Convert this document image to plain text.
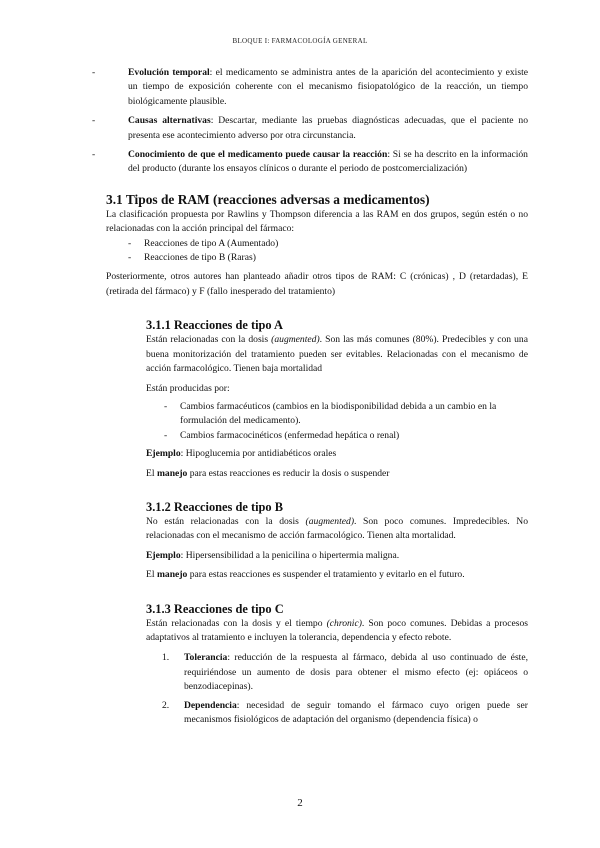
BLOQUE I: FARMACOLOGÍA GENERAL
-	Evolución temporal: el medicamento se administra antes de la aparición del acontecimiento y existe un tiempo de exposición coherente con el mecanismo fisiopatológico de la reacción, un tiempo biológicamente plausible.
-	Causas alternativas: Descartar, mediante las pruebas diagnósticas adecuadas, que el paciente no presenta ese acontecimiento adverso por otra circunstancia.
-	Conocimiento de que el medicamento puede causar la reacción: Si se ha descrito en la información del producto (durante los ensayos clínicos o durante el periodo de postcomercialización)
3.1 Tipos de RAM (reacciones adversas a medicamentos)

La clasificación propuesta por Rawlins y Thompson diferencia a las RAM en dos grupos, según estén o no relacionadas con la acción principal del fármaco:

- Reacciones de tipo A (Aumentado)
- Reacciones de tipo B (Raras)

Posteriormente, otros autores han planteado añadir otros tipos de RAM: C (crónicas) , D (retardadas), E (retirada del fármaco) y F (fallo inesperado del tratamiento)

3.1.1 Reacciones de tipo A

Están relacionadas con la dosis (augmented). Son las más comunes (80%). Predecibles y con una buena monitorización del tratamiento pueden ser evitables. Relacionadas con el mecanismo de acción farmacológico. Tienen baja mortalidad

Están producidas por:

- Cambios farmacéuticos (cambios en la biodisponibilidad debida a un cambio en la formulación del medicamento).
- Cambios farmacocinéticos (enfermedad hepática o renal)

Ejemplo: Hipoglucemia por antidiabéticos orales

El manejo para estas reacciones es reducir la dosis o suspender

3.1.2 Reacciones de tipo B

No están relacionadas con la dosis (augmented). Son poco comunes. Impredecibles. No relacionadas con el mecanismo de acción farmacológico. Tienen alta mortalidad.

Ejemplo: Hipersensibilidad a la penicilina o hipertermia maligna.

El manejo para estas reacciones es suspender el tratamiento y evitarlo en el futuro.

3.1.3 Reacciones de tipo C

Están relacionadas con la dosis y el tiempo (chronic). Son poco comunes. Debidas a procesos adaptativos al tratamiento e incluyen la tolerancia, dependencia y efecto rebote.

1. Tolerancia: reducción de la respuesta al fármaco, debida al uso continuado de éste, requiriéndose un aumento de dosis para obtener el mismo efecto (ej: opiáceos o benzodiacepinas).
2. Dependencia: necesidad de seguir tomando el fármaco cuyo origen puede ser mecanismos fisiológicos de adaptación del organismo (dependencia física) o
2
